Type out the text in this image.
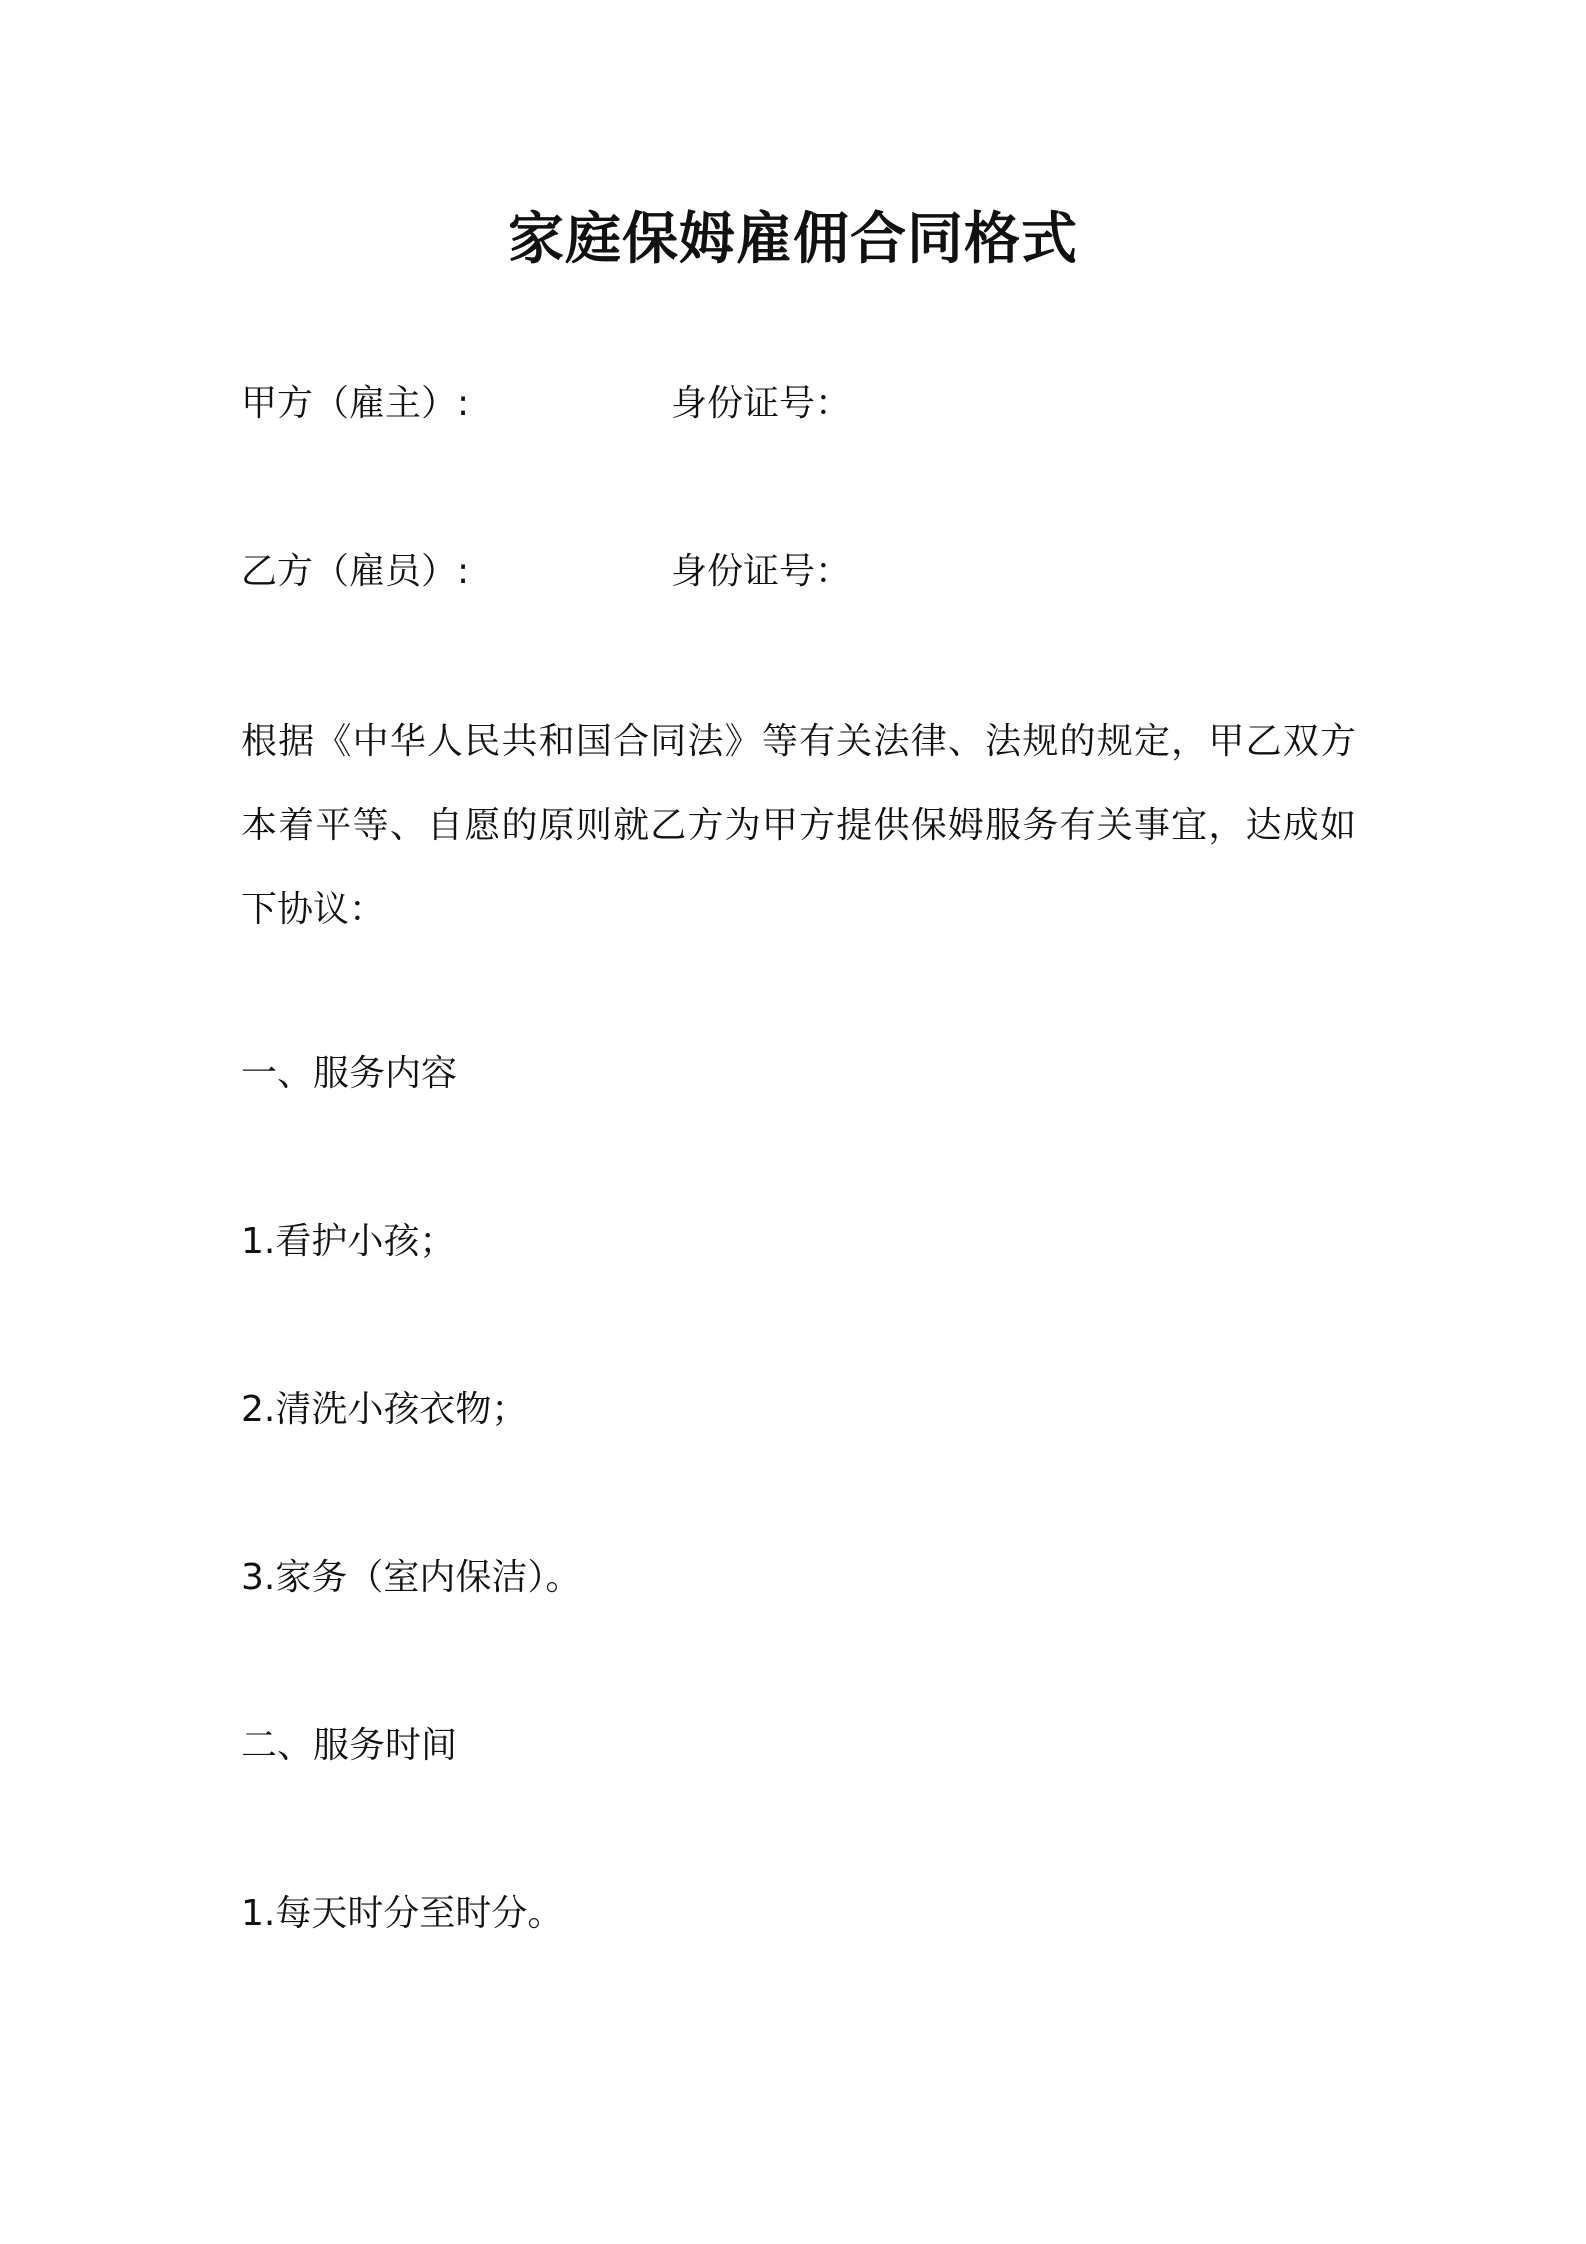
家庭保姆雇佣合同格式
甲方（雇主）:	身份证号：
乙方（雇员）:	身份证号：
根据《中华人民共和国合同法》等有关法律、法规的规定，甲乙双方本着平等、自愿的原则就乙方为甲方提供保姆服务有关事宜，达成如下协议：
一、服务内容
1.看护小孩；
2.清洗小孩衣物；
3.家务（室内保洁）。
二、服务时间
1.每天时分至时分。
